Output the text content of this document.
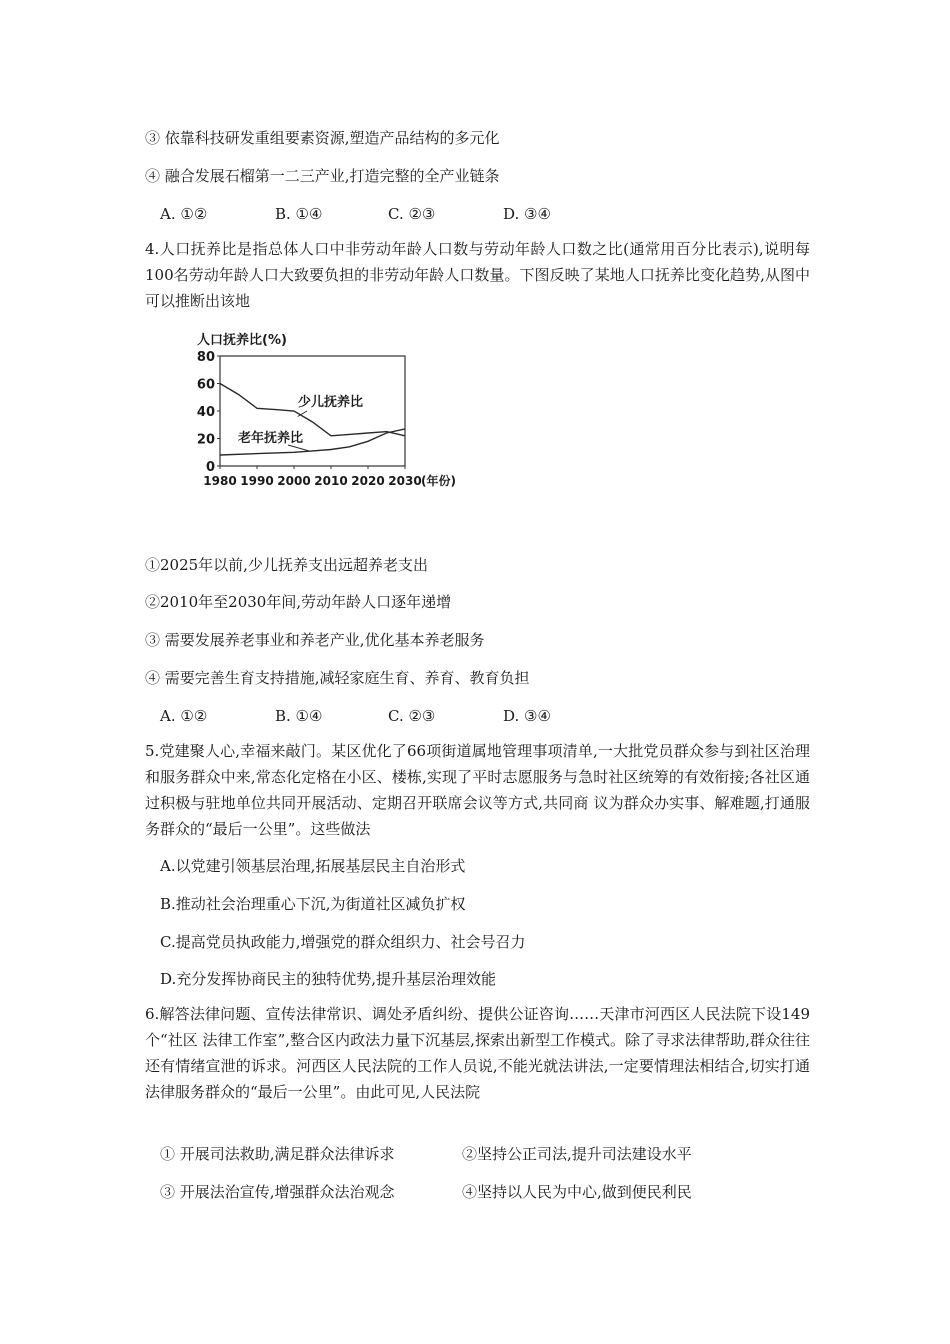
③ 依靠科技研发重组要素资源,塑造产品结构的多元化
④ 融合发展石榴第一二三产业,打造完整的全产业链条
A. ①②	B. ①④	C. ②③	D. ③④
4.人口抚养比是指总体人口中非劳动年龄人口数与劳动年龄人口数之比(通常用百分比表示),说明每100名劳动年龄人口大致要负担的非劳动年龄人口数量。下图反映了某地人口抚养比变化趋势,从图中可以推断出该地
0
20
40
60
80
1980 1990 2000 2010 2020 2030
人口抚养比(%)
(年份)
少儿抚养比
老年抚养比
①2025年以前,少儿抚养支出远超养老支出
②2010年至2030年间,劳动年龄人口逐年递增
③ 需要发展养老事业和养老产业,优化基本养老服务
④ 需要完善生育支持措施,减轻家庭生育、养育、教育负担
A. ①②	B. ①④	C. ②③	D. ③④
5.党建聚人心,幸福来敲门。某区优化了66项街道属地管理事项清单,一大批党员群众参与到社区治理和服务群众中来,常态化定格在小区、楼栋,实现了平时志愿服务与急时社区统筹的有效衔接;各社区通过积极与驻地单位共同开展活动、定期召开联席会议等方式,共同商 议为群众办实事、解难题,打通服务群众的“最后一公里”。这些做法
A.以党建引领基层治理,拓展基层民主自治形式
B.推动社会治理重心下沉,为街道社区减负扩权
C.提高党员执政能力,增强党的群众组织力、社会号召力
D.充分发挥协商民主的独特优势,提升基层治理效能
6.解答法律问题、宣传法律常识、调处矛盾纠纷、提供公证咨询……天津市河西区人民法院下设149个“社区 法律工作室”,整合区内政法力量下沉基层,探索出新型工作模式。除了寻求法律帮助,群众往往还有情绪宣泄的诉求。河西区人民法院的工作人员说,不能光就法讲法,一定要情理法相结合,切实打通法律服务群众的“最后一公里”。由此可见,人民法院
① 开展司法救助,满足群众法律诉求	②坚持公正司法,提升司法建设水平
③ 开展法治宣传,增强群众法治观念	④坚持以人民为中心,做到便民利民
